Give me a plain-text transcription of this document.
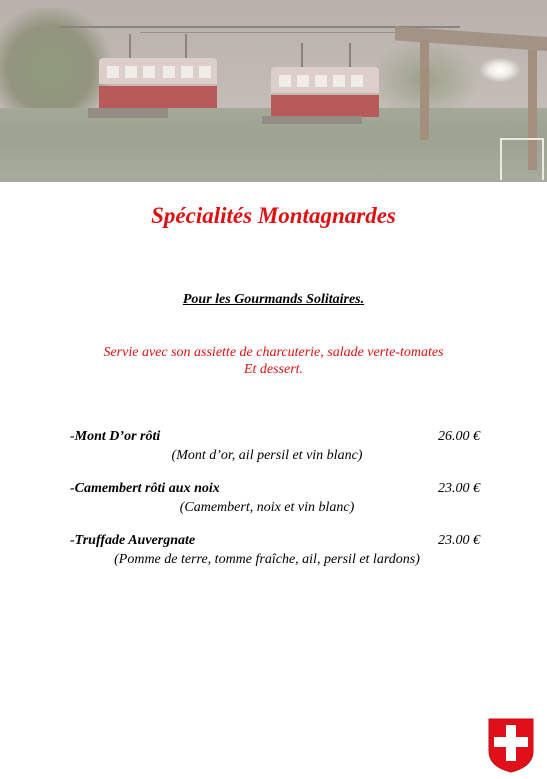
Spécialités Montagnardes
Pour les Gourmands Solitaires.
Servie avec son assiette de charcuterie, salade verte-tomates
Et dessert.
-Mont D’or rôti	26.00 €
(Mont d’or, ail persil et vin blanc)
-Camembert rôti aux noix	23.00 €
(Camembert, noix et vin blanc)
-Truffade Auvergnate	23.00 €
(Pomme de terre, tomme fraîche, ail, persil et lardons)
